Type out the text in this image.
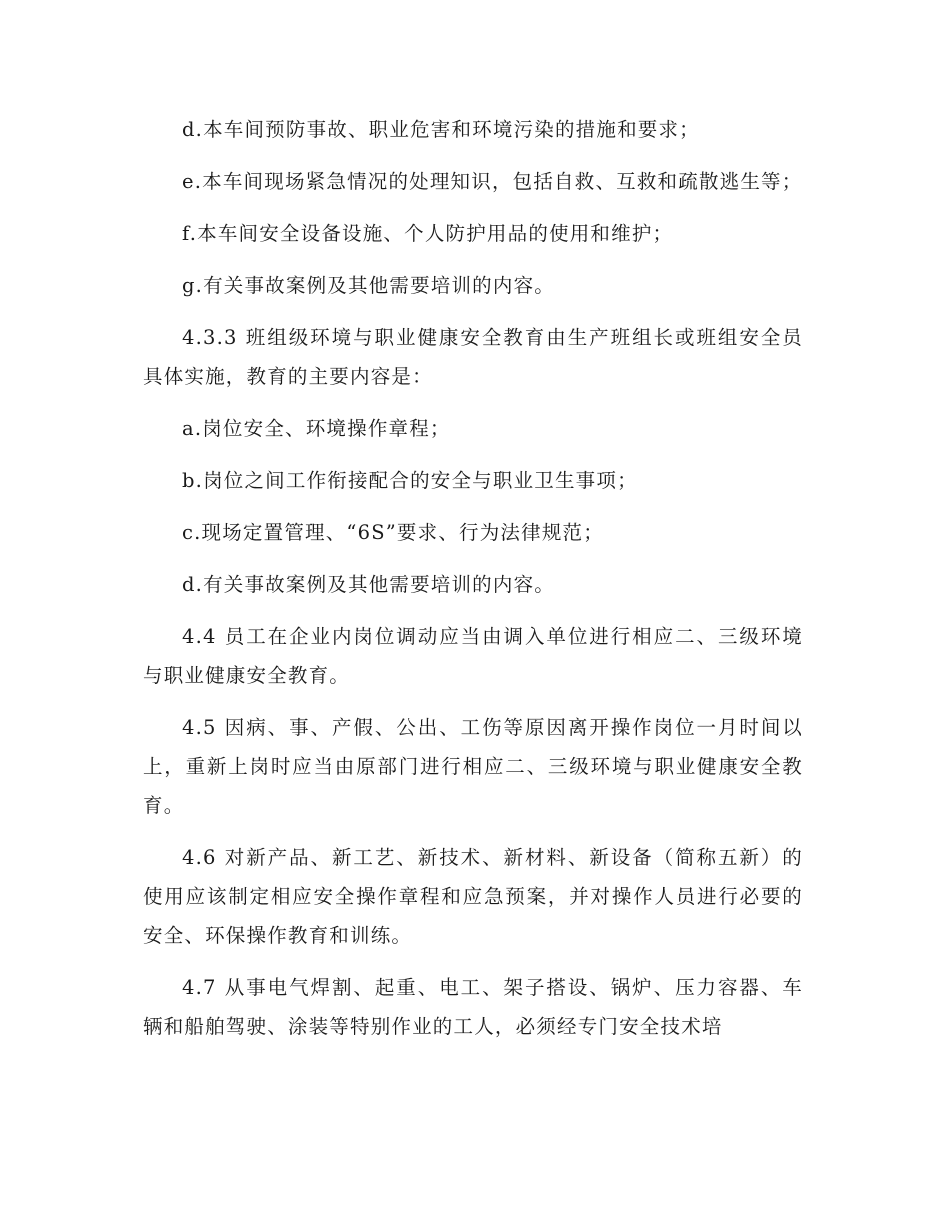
d.本车间预防事故、职业危害和环境污染的措施和要求；

e.本车间现场紧急情况的处理知识，包括自救、互救和疏散逃生等；

f.本车间安全设备设施、个人防护用品的使用和维护；

g.有关事故案例及其他需要培训的内容。

4.3.3 班组级环境与职业健康安全教育由生产班组长或班组安全员具体实施，教育的主要内容是：

a.岗位安全、环境操作章程；

b.岗位之间工作衔接配合的安全与职业卫生事项；

c.现场定置管理、“6S”要求、行为法律规范；

d.有关事故案例及其他需要培训的内容。

4.4 员工在企业内岗位调动应当由调入单位进行相应二、三级环境与职业健康安全教育。

4.5 因病、事、产假、公出、工伤等原因离开操作岗位一月时间以上，重新上岗时应当由原部门进行相应二、三级环境与职业健康安全教育。

4.6 对新产品、新工艺、新技术、新材料、新设备（简称五新）的使用应该制定相应安全操作章程和应急预案，并对操作人员进行必要的安全、环保操作教育和训练。

4.7 从事电气焊割、起重、电工、架子搭设、锅炉、压力容器、车辆和船舶驾驶、涂装等特别作业的工人，必须经专门安全技术培
